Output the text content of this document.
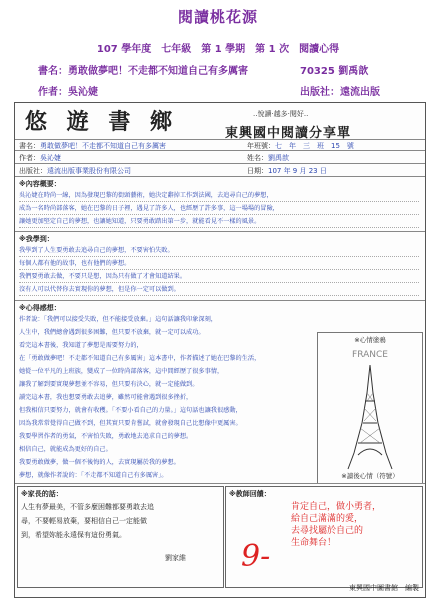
閱讀桃花源
107 學年度　七年級　第 1 學期　第 1 次　閱讀心得
書名：勇敢做夢吧！不走都不知道自己有多厲害	70325 劉禹歆
作者：吳沁婕	出版社：遠流出版
悠 遊 書 鄉	..悅讀‧越多‧閱好..
東興國中閱讀分享單
書名：勇敢做夢吧！不走都不知道自己有多厲害	年班號：七　年　三　班　15　號
作者：吳沁婕	姓名：劉禹歆
出版社：遠流出版事業股份有限公司	日期：107 年 9 月 23 日
※內容概要：
吳沁婕在時尚一線，因為發現巴黎的街頭藝術，她決定辭掉工作到法國，去追尋自己的夢想，
成為一名時尚部落客，她在巴黎的日子裡，遇見了許多人，也經歷了許多事，這一場場的冒險，
讓她更加堅定自己的夢想，也讓她知道，只要勇敢踏出第一步，就能看見不一樣的風景。
※我學到：
我學到了人生要勇敢去追尋自己的夢想，不要害怕失敗。
每個人都有他的故事，也有他們的夢想。
我們要勇敢去做，不要只是想，因為只有做了才會知道結果。
沒有人可以代替你去實現你的夢想，但是你一定可以做到。
※心得感想：
作者說：「我們可以接受失敗，但不能接受放棄。」這句話讓我印象深刻，
人生中，我們總會遇到很多困難，但只要不放棄，就一定可以成功。
看完這本書後，我知道了夢想是需要努力的，
在「勇敢做夢吧！不走都不知道自己有多厲害」這本書中，作者描述了她在巴黎的生活，
她從一位平凡的上班族，變成了一位時尚部落客，這中間經歷了很多事情，
讓我了解到要實現夢想並不容易，但只要有決心，就一定能做到。
讀完這本書，我也想要勇敢去追夢，雖然可能會遇到很多挫折，
但我相信只要努力，就會有收穫。「不要小看自己的力量。」這句話也讓我很感動，
因為我常常覺得自己做不到，但其實只要肯嘗試，就會發現自己比想像中更厲害。
我要學習作者的勇氣，不害怕失敗，勇敢地去追求自己的夢想。
相信自己，就能成為更好的自己。
我要勇敢做夢，做一個不後悔的人，去實現屬於我的夢想。
夢想，就像作者說的：「不走都不知道自己有多厲害」。
※心情塗鴉
FRANCE
※讀後心情（符號）
※家長的話：
人生有夢最美，不管多麼困難都要勇敢去追
尋，不要輕易放棄，要相信自己一定能做
到，希望妳能永遠保有這份勇氣。
劉家維
※教師回饋：
肯定自己，做小勇者，
給自己滿滿的愛，
去尋找屬於自己的
生命舞台！
9-
東興國中圖書館　編製
